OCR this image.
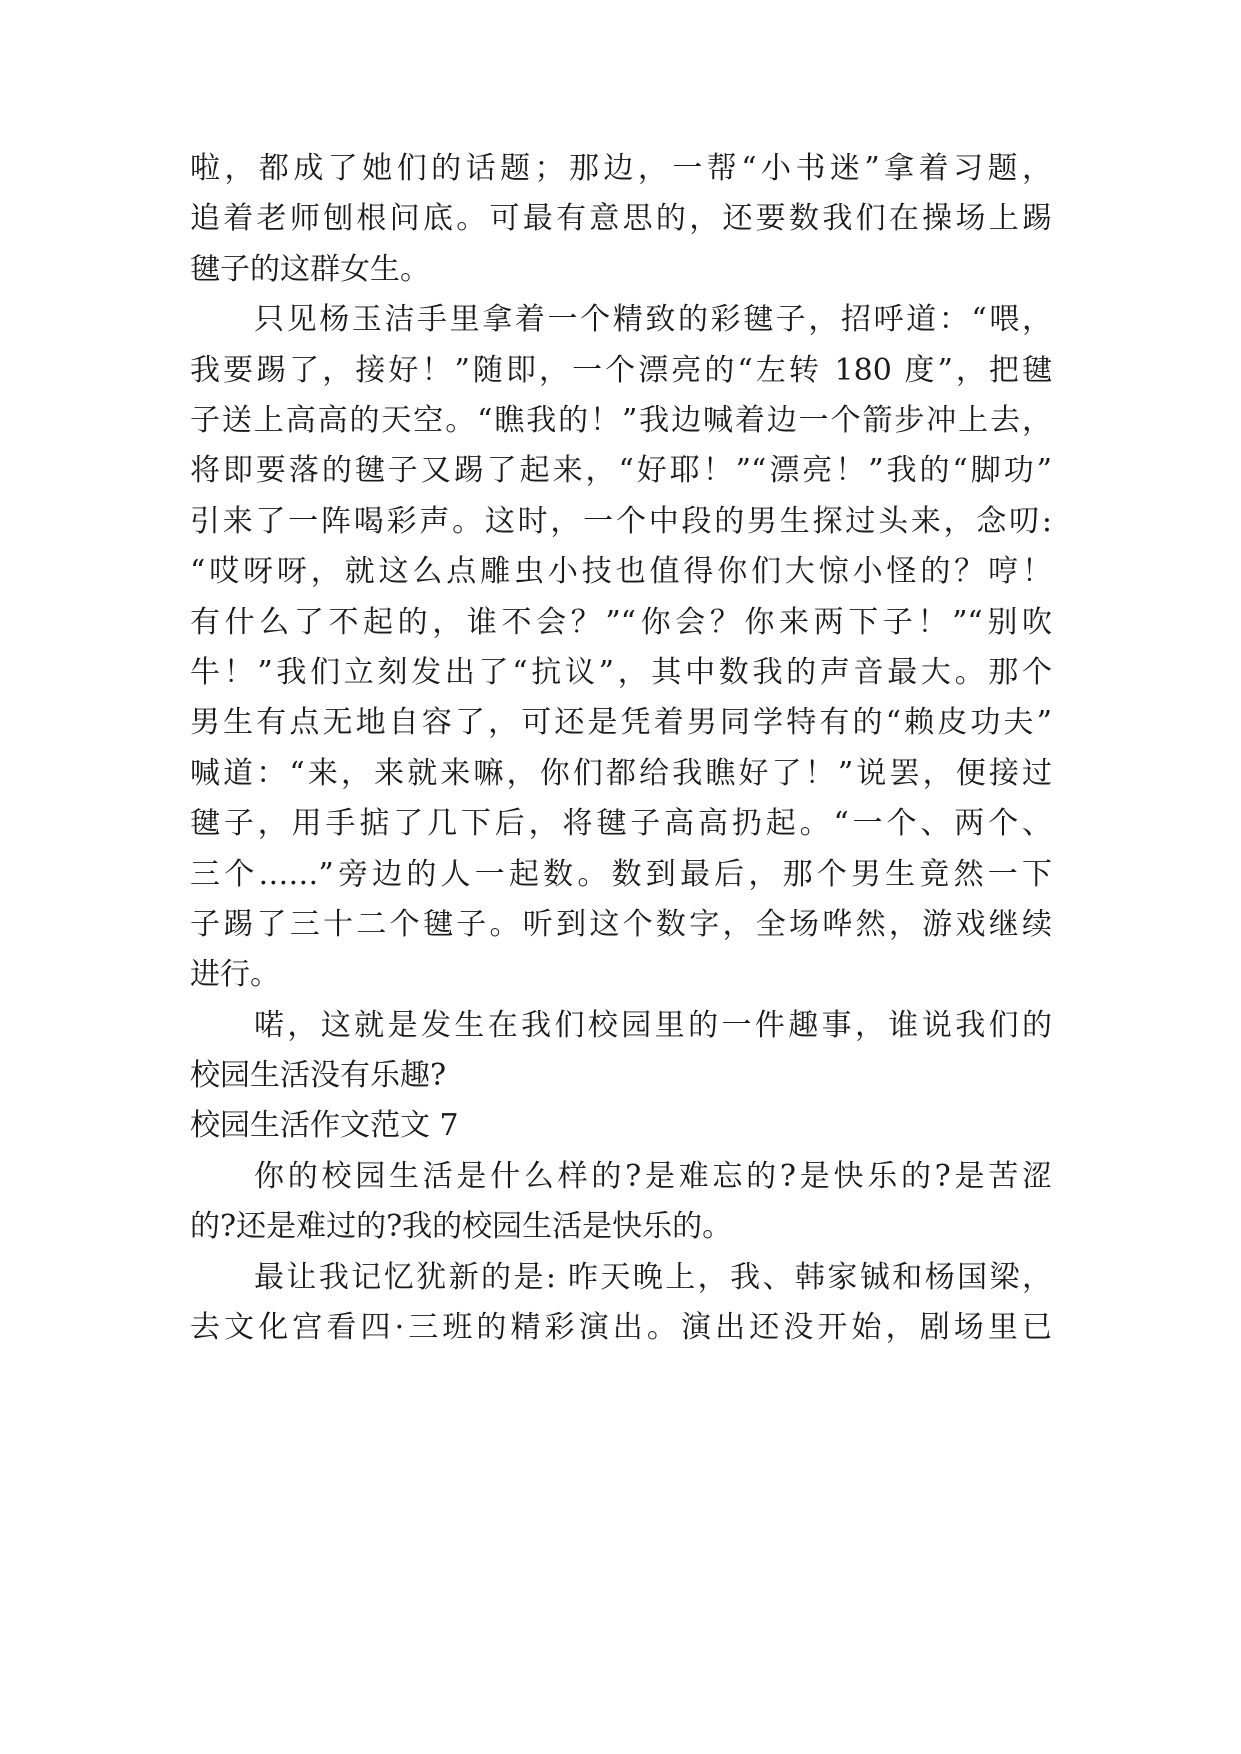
啦，都成了她们的话题；那边，一帮“小书迷”拿着习题，
追着老师刨根问底。可最有意思的，还要数我们在操场上踢
毽子的这群女生。
只见杨玉洁手里拿着一个精致的彩毽子，招呼道：“喂，
我要踢了，接好！”随即，一个漂亮的“左转 180 度”，把毽
子送上高高的天空。“瞧我的！”我边喊着边一个箭步冲上去，
将即要落的毽子又踢了起来，“好耶！”“漂亮！”我的“脚功”
引来了一阵喝彩声。这时，一个中段的男生探过头来，念叨:
“哎呀呀，就这么点雕虫小技也值得你们大惊小怪的？哼！
有什么了不起的，谁不会？”“你会？你来两下子！”“别吹
牛！”我们立刻发出了“抗议”，其中数我的声音最大。那个
男生有点无地自容了，可还是凭着男同学特有的“赖皮功夫”
喊道：“来，来就来嘛，你们都给我瞧好了！”说罢，便接过
毽子，用手掂了几下后，将毽子高高扔起。“一个、两个、
三个……”旁边的人一起数。数到最后，那个男生竟然一下
子踢了三十二个毽子。听到这个数字，全场哗然，游戏继续
进行。
喏，这就是发生在我们校园里的一件趣事，谁说我们的
校园生活没有乐趣?
校园生活作文范文 7
你的校园生活是什么样的?是难忘的?是快乐的?是苦涩
的?还是难过的?我的校园生活是快乐的。
最让我记忆犹新的是: 昨天晚上，我、韩家铖和杨国梁，
去文化宫看四·三班的精彩演出。演出还没开始，剧场里已
